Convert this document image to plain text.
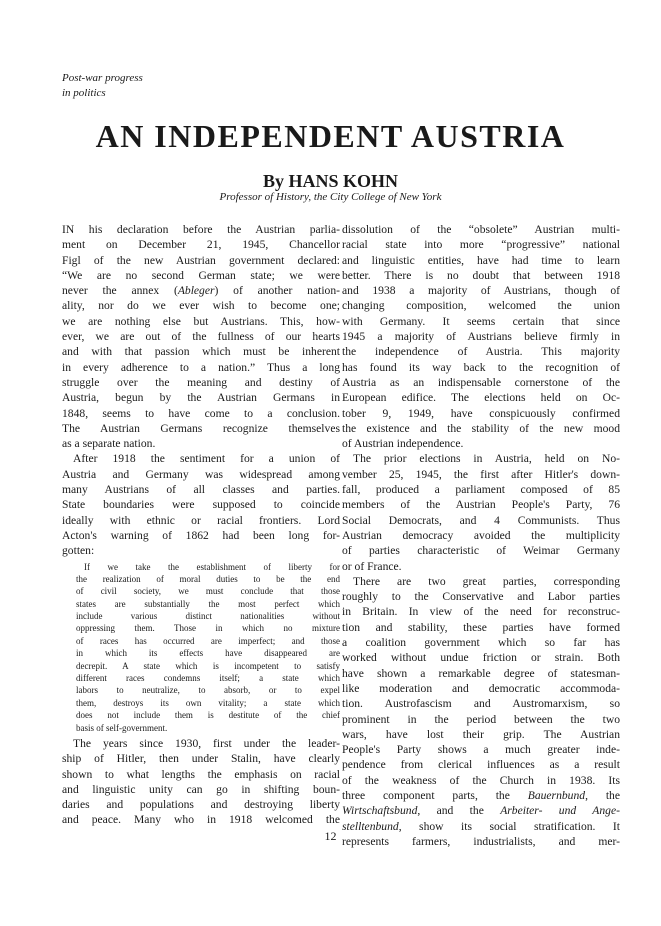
Post-war progress
in politics
AN INDEPENDENT AUSTRIA
By HANS KOHN
Professor of History, the City College of New York
IN his declaration before the Austrian parlia-
ment on December 21, 1945, Chancellor
Figl of the new Austrian government declared:
“We are no second German state; we were
never the annex (Ableger) of another nation-
ality, nor do we ever wish to become one;
we are nothing else but Austrians. This, how-
ever, we are out of the fullness of our hearts
and with that passion which must be inherent
in every adherence to a nation.” Thus a long
struggle over the meaning and destiny of
Austria, begun by the Austrian Germans in
1848, seems to have come to a conclusion.
The Austrian Germans recognize themselves
as a separate nation.
After 1918 the sentiment for a union of
Austria and Germany was widespread among
many Austrians of all classes and parties.
State boundaries were supposed to coincide
ideally with ethnic or racial frontiers. Lord
Acton's warning of 1862 had been long for-
gotten:
If we take the establishment of liberty for
the realization of moral duties to be the end
of civil society, we must conclude that those
states are substantially the most perfect which
include various distinct nationalities without
oppressing them. Those in which no mixture
of races has occurred are imperfect; and those
in which its effects have disappeared are
decrepit. A state which is incompetent to satisfy
different races condemns itself; a state which
labors to neutralize, to absorb, or to expel
them, destroys its own vitality; a state which
does not include them is destitute of the chief
basis of self-government.
The years since 1930, first under the leader-
ship of Hitler, then under Stalin, have clearly
shown to what lengths the emphasis on racial
and linguistic unity can go in shifting boun-
daries and populations and destroying liberty
and peace. Many who in 1918 welcomed the
dissolution of the “obsolete” Austrian multi-
racial state into more “progressive” national
and linguistic entities, have had time to learn
better. There is no doubt that between 1918
and 1938 a majority of Austrians, though of
changing composition, welcomed the union
with Germany. It seems certain that since
1945 a majority of Austrians believe firmly in
the independence of Austria. This majority
has found its way back to the recognition of
Austria as an indispensable cornerstone of the
European edifice. The elections held on Oc-
tober 9, 1949, have conspicuously confirmed
the existence and the stability of the new mood
of Austrian independence.
The prior elections in Austria, held on No-
vember 25, 1945, the first after Hitler's down-
fall, produced a parliament composed of 85
members of the Austrian People's Party, 76
Social Democrats, and 4 Communists. Thus
Austrian democracy avoided the multiplicity
of parties characteristic of Weimar Germany
or of France.
There are two great parties, corresponding
roughly to the Conservative and Labor parties
in Britain. In view of the need for reconstruc-
tion and stability, these parties have formed
a coalition government which so far has
worked without undue friction or strain. Both
have shown a remarkable degree of statesman-
like moderation and democratic accommoda-
tion. Austrofascism and Austromarxism, so
prominent in the period between the two
wars, have lost their grip. The Austrian
People's Party shows a much greater inde-
pendence from clerical influences as a result
of the weakness of the Church in 1938. Its
three component parts, the Bauernbund, the
Wirtschaftsbund, and the Arbeiter- und Ange-
stelltenbund, show its social stratification. It
represents farmers, industrialists, and mer-
12
